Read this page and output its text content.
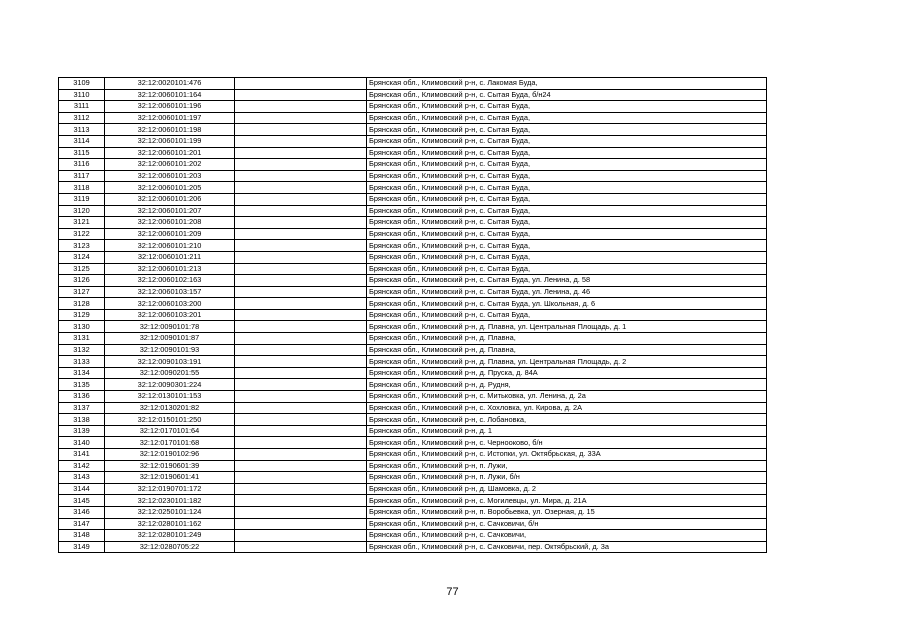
3109	32:12:0020101:476		Брянская обл., Климовский р-н, с. Лакомая Буда,
3110	32:12:0060101:164		Брянская обл., Климовский р-н, с. Сытая Буда, б/н24
3111	32:12:0060101:196		Брянская обл., Климовский р-н, с. Сытая Буда,
3112	32:12:0060101:197		Брянская обл., Климовский р-н, с. Сытая Буда,
3113	32:12:0060101:198		Брянская обл., Климовский р-н, с. Сытая Буда,
3114	32:12:0060101:199		Брянская обл., Климовский р-н, с. Сытая Буда,
3115	32:12:0060101:201		Брянская обл., Климовский р-н, с. Сытая Буда,
3116	32:12:0060101:202		Брянская обл., Климовский р-н, с. Сытая Буда,
3117	32:12:0060101:203		Брянская обл., Климовский р-н, с. Сытая Буда,
3118	32:12:0060101:205		Брянская обл., Климовский р-н, с. Сытая Буда,
3119	32:12:0060101:206		Брянская обл., Климовский р-н, с. Сытая Буда,
3120	32:12:0060101:207		Брянская обл., Климовский р-н, с. Сытая Буда,
3121	32:12:0060101:208		Брянская обл., Климовский р-н, с. Сытая Буда,
3122	32:12:0060101:209		Брянская обл., Климовский р-н, с. Сытая Буда,
3123	32:12:0060101:210		Брянская обл., Климовский р-н, с. Сытая Буда,
3124	32:12:0060101:211		Брянская обл., Климовский р-н, с. Сытая Буда,
3125	32:12:0060101:213		Брянская обл., Климовский р-н, с. Сытая Буда,
3126	32:12:0060102:163		Брянская обл., Климовский р-н, с. Сытая Буда, ул. Ленина, д. 58
3127	32:12:0060103:157		Брянская обл., Климовский р-н, с. Сытая Буда, ул. Ленина, д. 46
3128	32:12:0060103:200		Брянская обл., Климовский р-н, с. Сытая Буда, ул. Школьная, д. 6
3129	32:12:0060103:201		Брянская обл., Климовский р-н, с. Сытая Буда,
3130	32:12:0090101:78		Брянская обл., Климовский р-н, д. Плавна, ул. Центральная Площадь, д. 1
3131	32:12:0090101:87		Брянская обл., Климовский р-н, д. Плавна,
3132	32:12:0090101:93		Брянская обл., Климовский р-н, д. Плавна,
3133	32:12:0090103:191		Брянская обл., Климовский р-н, д. Плавна, ул. Центральная Площадь, д. 2
3134	32:12:0090201:55		Брянская обл., Климовский р-н, д. Пруска, д. 84А
3135	32:12:0090301:224		Брянская обл., Климовский р-н, д. Рудня,
3136	32:12:0130101:153		Брянская обл., Климовский р-н, с. Митьковка, ул. Ленина, д. 2а
3137	32:12:0130201:82		Брянская обл., Климовский р-н, с. Хохловка, ул. Кирова, д. 2А
3138	32:12:0150101:250		Брянская обл., Климовский р-н, с. Лобановка,
3139	32:12:0170101:64		Брянская обл., Климовский р-н, д. 1
3140	32:12:0170101:68		Брянская обл., Климовский р-н, с. Чернооково, б/н
3141	32:12:0190102:96		Брянская обл., Климовский р-н, с. Истопки, ул. Октябрьская, д. 33А
3142	32:12:0190601:39		Брянская обл., Климовский р-н, п. Лужи,
3143	32:12:0190601:41		Брянская обл., Климовский р-н, п. Лужи, б/н
3144	32:12:0190701:172		Брянская обл., Климовский р-н, д. Шамовка, д. 2
3145	32:12:0230101:182		Брянская обл., Климовский р-н, с. Могилевцы, ул. Мира, д. 21А
3146	32:12:0250101:124		Брянская обл., Климовский р-н, п. Воробьевка, ул. Озерная, д. 15
3147	32:12:0280101:162		Брянская обл., Климовский р-н, с. Сачковичи, б/н
3148	32:12:0280101:249		Брянская обл., Климовский р-н, с. Сачковичи,
3149	32:12:0280705:22		Брянская обл., Климовский р-н, с. Сачковичи, пер. Октябрьский, д. 3а
77
